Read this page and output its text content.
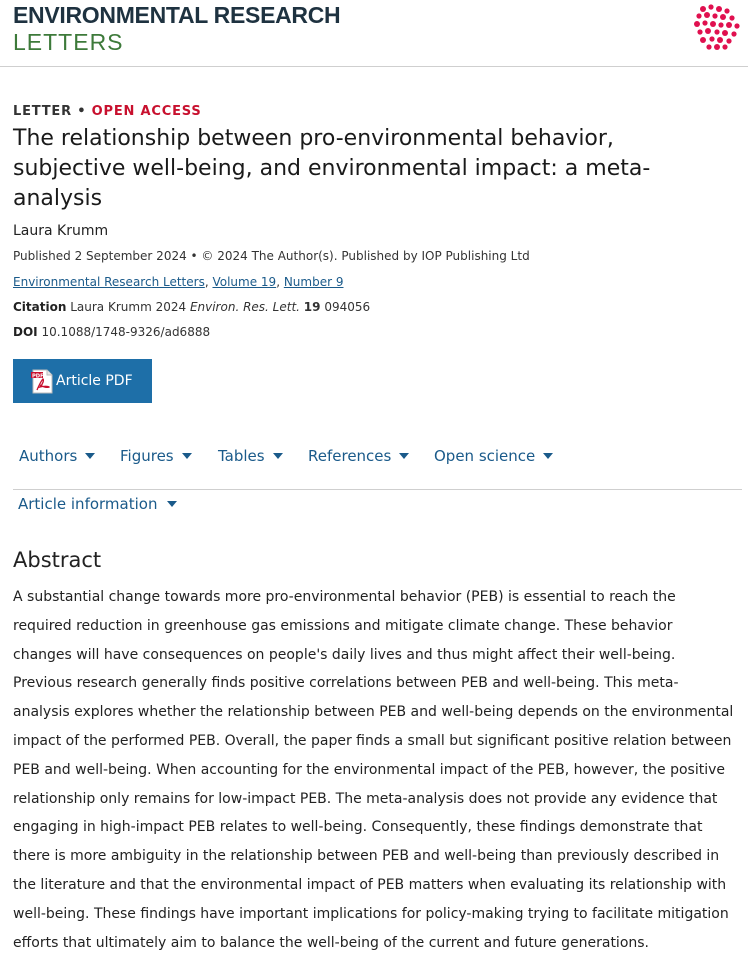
ENVIRONMENTAL RESEARCH
LETTERS
LETTER • OPEN ACCESS
The relationship between pro-environmental behavior, subjective well-being, and environmental impact: a meta-analysis
Laura Krumm
Published 2 September 2024 • © 2024 The Author(s). Published by IOP Publishing Ltd
Environmental Research Letters, Volume 19, Number 9
Citation Laura Krumm 2024 Environ. Res. Lett. 19 094056
DOI 10.1088/1748-9326/ad6888
PDF Article PDF
Authors	Figures	Tables	References	Open science
Article information
Abstract

A substantial change towards more pro-environmental behavior (PEB) is essential to reach the required reduction in greenhouse gas emissions and mitigate climate change. These behavior changes will have consequences on people's daily lives and thus might affect their well-being. Previous research generally finds positive correlations between PEB and well-being. This meta-analysis explores whether the relationship between PEB and well-being depends on the environmental impact of the performed PEB. Overall, the paper finds a small but significant positive relation between PEB and well-being. When accounting for the environmental impact of the PEB, however, the positive relationship only remains for low-impact PEB. The meta-analysis does not provide any evidence that engaging in high-impact PEB relates to well-being. Consequently, these findings demonstrate that there is more ambiguity in the relationship between PEB and well-being than previously described in the literature and that the environmental impact of PEB matters when evaluating its relationship with well-being. These findings have important implications for policy-making trying to facilitate mitigation efforts that ultimately aim to balance the well-being of the current and future generations.
